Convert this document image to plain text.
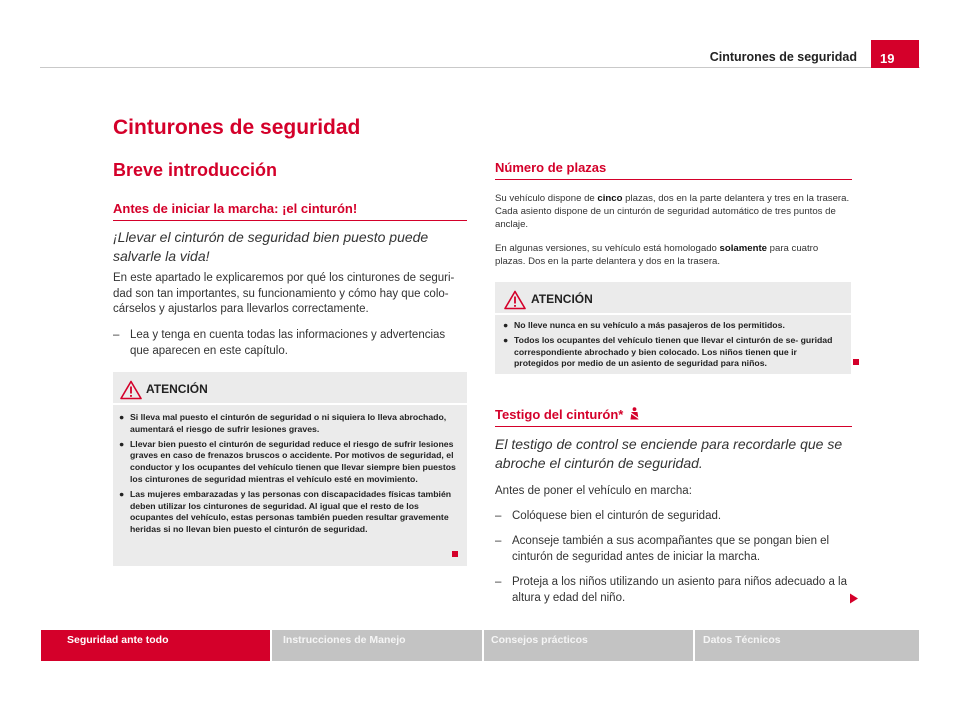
Cinturones de seguridad	19
Cinturones de seguridad
Breve introducción
Antes de iniciar la marcha: ¡el cinturón!
¡Llevar el cinturón de seguridad bien puesto puede salvarle la vida!
En este apartado le explicaremos por qué los cinturones de seguri- dad son tan importantes, su funcionamiento y cómo hay que colo- cárselos y ajustarlos para llevarlos correctamente.
– Lea y tenga en cuenta todas las informaciones y advertencias que aparecen en este capítulo.
ATENCIÓN
● Si lleva mal puesto el cinturón de seguridad o ni siquiera lo lleva abrochado, aumentará el riesgo de sufrir lesiones graves.
● Llevar bien puesto el cinturón de seguridad reduce el riesgo de sufrir lesiones graves en caso de frenazos bruscos o accidente. Por motivos de seguridad, el conductor y los ocupantes del vehículo tienen que llevar siempre bien puestos los cinturones de seguridad mientras el vehículo esté en movimiento.
● Las mujeres embarazadas y las personas con discapacidades físicas también deben utilizar los cinturones de seguridad. Al igual que el resto de los ocupantes del vehículo, estas personas también pueden resultar gravemente heridas si no llevan bien puesto el cinturón de seguridad.
Número de plazas
Su vehículo dispone de cinco plazas, dos en la parte delantera y tres en la trasera. Cada asiento dispone de un cinturón de seguridad automático de tres puntos de anclaje.
En algunas versiones, su vehículo está homologado solamente para cuatro plazas. Dos en la parte delantera y dos en la trasera.
ATENCIÓN
● No lleve nunca en su vehículo a más pasajeros de los permitidos.
● Todos los ocupantes del vehículo tienen que llevar el cinturón de se- guridad correspondiente abrochado y bien colocado. Los niños tienen que ir protegidos por medio de un asiento de seguridad para niños.
Testigo del cinturón*
El testigo de control se enciende para recordarle que se abroche el cinturón de seguridad.
Antes de poner el vehículo en marcha:
– Colóquese bien el cinturón de seguridad.
– Aconseje también a sus acompañantes que se pongan bien el cinturón de seguridad antes de iniciar la marcha.
– Proteja a los niños utilizando un asiento para niños adecuado a la altura y edad del niño.
Seguridad ante todo	Instrucciones de Manejo	Consejos prácticos	Datos Técnicos
